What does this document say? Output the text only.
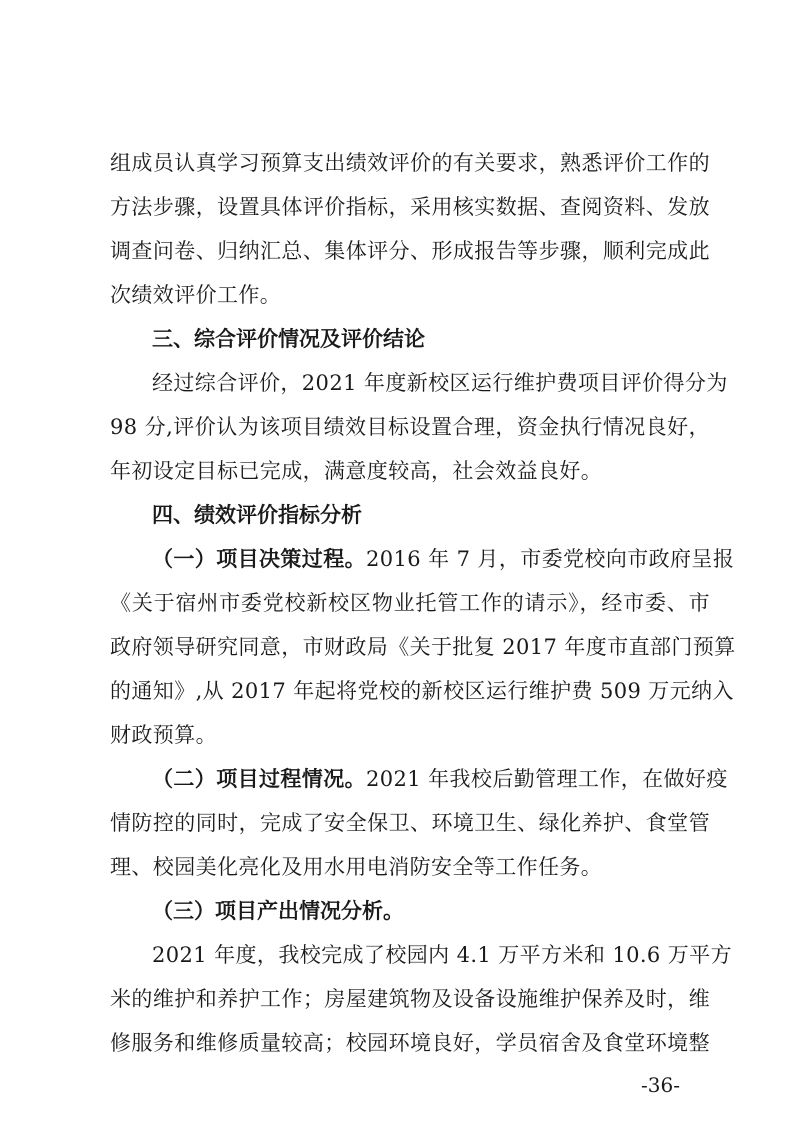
组成员认真学习预算支出绩效评价的有关要求，熟悉评价工作的
方法步骤，设置具体评价指标，采用核实数据、查阅资料、发放
调查问卷、归纳汇总、集体评分、形成报告等步骤，顺利完成此
次绩效评价工作。
三、综合评价情况及评价结论
经过综合评价，2021 年度新校区运行维护费项目评价得分为
98 分,评价认为该项目绩效目标设置合理，资金执行情况良好，
年初设定目标已完成，满意度较高，社会效益良好。
四、绩效评价指标分析
（一）项目决策过程。2016 年 7 月，市委党校向市政府呈报
《关于宿州市委党校新校区物业托管工作的请示》，经市委、市
政府领导研究同意，市财政局《关于批复 2017 年度市直部门预算
的通知》,从 2017 年起将党校的新校区运行维护费 509 万元纳入
财政预算。
（二）项目过程情况。2021 年我校后勤管理工作，在做好疫
情防控的同时，完成了安全保卫、环境卫生、绿化养护、食堂管
理、校园美化亮化及用水用电消防安全等工作任务。
（三）项目产出情况分析。
2021 年度，我校完成了校园内 4.1 万平方米和 10.6 万平方
米的维护和养护工作；房屋建筑物及设备设施维护保养及时，维
修服务和维修质量较高；校园环境良好，学员宿舍及食堂环境整
-36-
